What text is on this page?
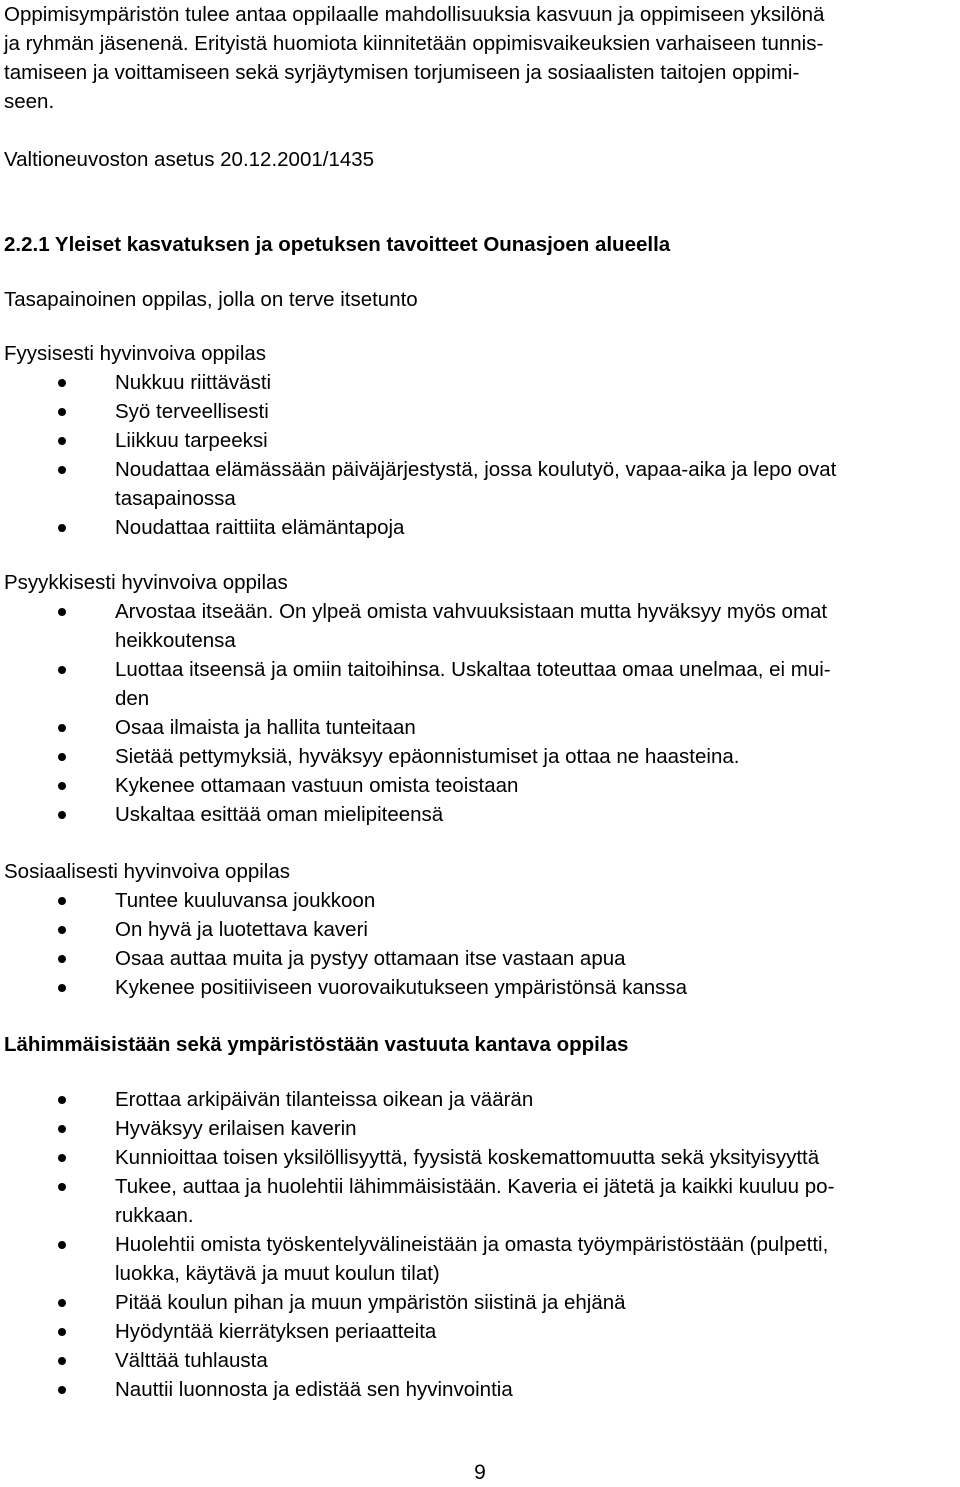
Oppimisympäristön tulee antaa oppilaalle mahdollisuuksia kasvuun ja oppimiseen yksilönä

ja ryhmän jäsenenä. Erityistä huomiota kiinnitetään oppimisvaikeuksien varhaiseen tunnis-

tamiseen ja voittamiseen sekä syrjäytymisen torjumiseen ja sosiaalisten taitojen oppimi-

seen.

Valtioneuvoston asetus 20.12.2001/1435

2.2.1 Yleiset kasvatuksen ja opetuksen tavoitteet Ounasjoen alueella

Tasapainoinen oppilas, jolla on terve itsetunto

Fyysisesti hyvinvoiva oppilas

Nukkuu riittävästi
Syö terveellisesti
Liikkuu tarpeeksi
Noudattaa elämässään päiväjärjestystä, jossa koulutyö, vapaa-aika ja lepo ovat
tasapainossa
Noudattaa raittiita elämäntapoja

Psyykkisesti hyvinvoiva oppilas

Arvostaa itseään. On ylpeä omista vahvuuksistaan mutta hyväksyy myös omat
heikkoutensa
Luottaa itseensä ja omiin taitoihinsa. Uskaltaa toteuttaa omaa unelmaa, ei mui-
den
Osaa ilmaista ja hallita tunteitaan
Sietää pettymyksiä, hyväksyy epäonnistumiset ja ottaa ne haasteina.
Kykenee ottamaan vastuun omista teoistaan
Uskaltaa esittää oman mielipiteensä

Sosiaalisesti hyvinvoiva oppilas

Tuntee kuuluvansa joukkoon
On hyvä ja luotettava kaveri
Osaa auttaa muita ja pystyy ottamaan itse vastaan apua
Kykenee positiiviseen vuorovaikutukseen ympäristönsä kanssa

Lähimmäisistään sekä ympäristöstään vastuuta kantava oppilas

Erottaa arkipäivän tilanteissa oikean ja väärän
Hyväksyy erilaisen kaverin
Kunnioittaa toisen yksilöllisyyttä, fyysistä koskemattomuutta sekä yksityisyyttä
Tukee, auttaa ja huolehtii lähimmäisistään. Kaveria ei jätetä ja kaikki kuuluu po-
rukkaan.
Huolehtii omista työskentelyvälineistään ja omasta työympäristöstään (pulpetti,
luokka, käytävä ja muut koulun tilat)
Pitää koulun pihan ja muun ympäristön siistinä ja ehjänä
Hyödyntää kierrätyksen periaatteita
Välttää tuhlausta
Nauttii luonnosta ja edistää sen hyvinvointia
9
